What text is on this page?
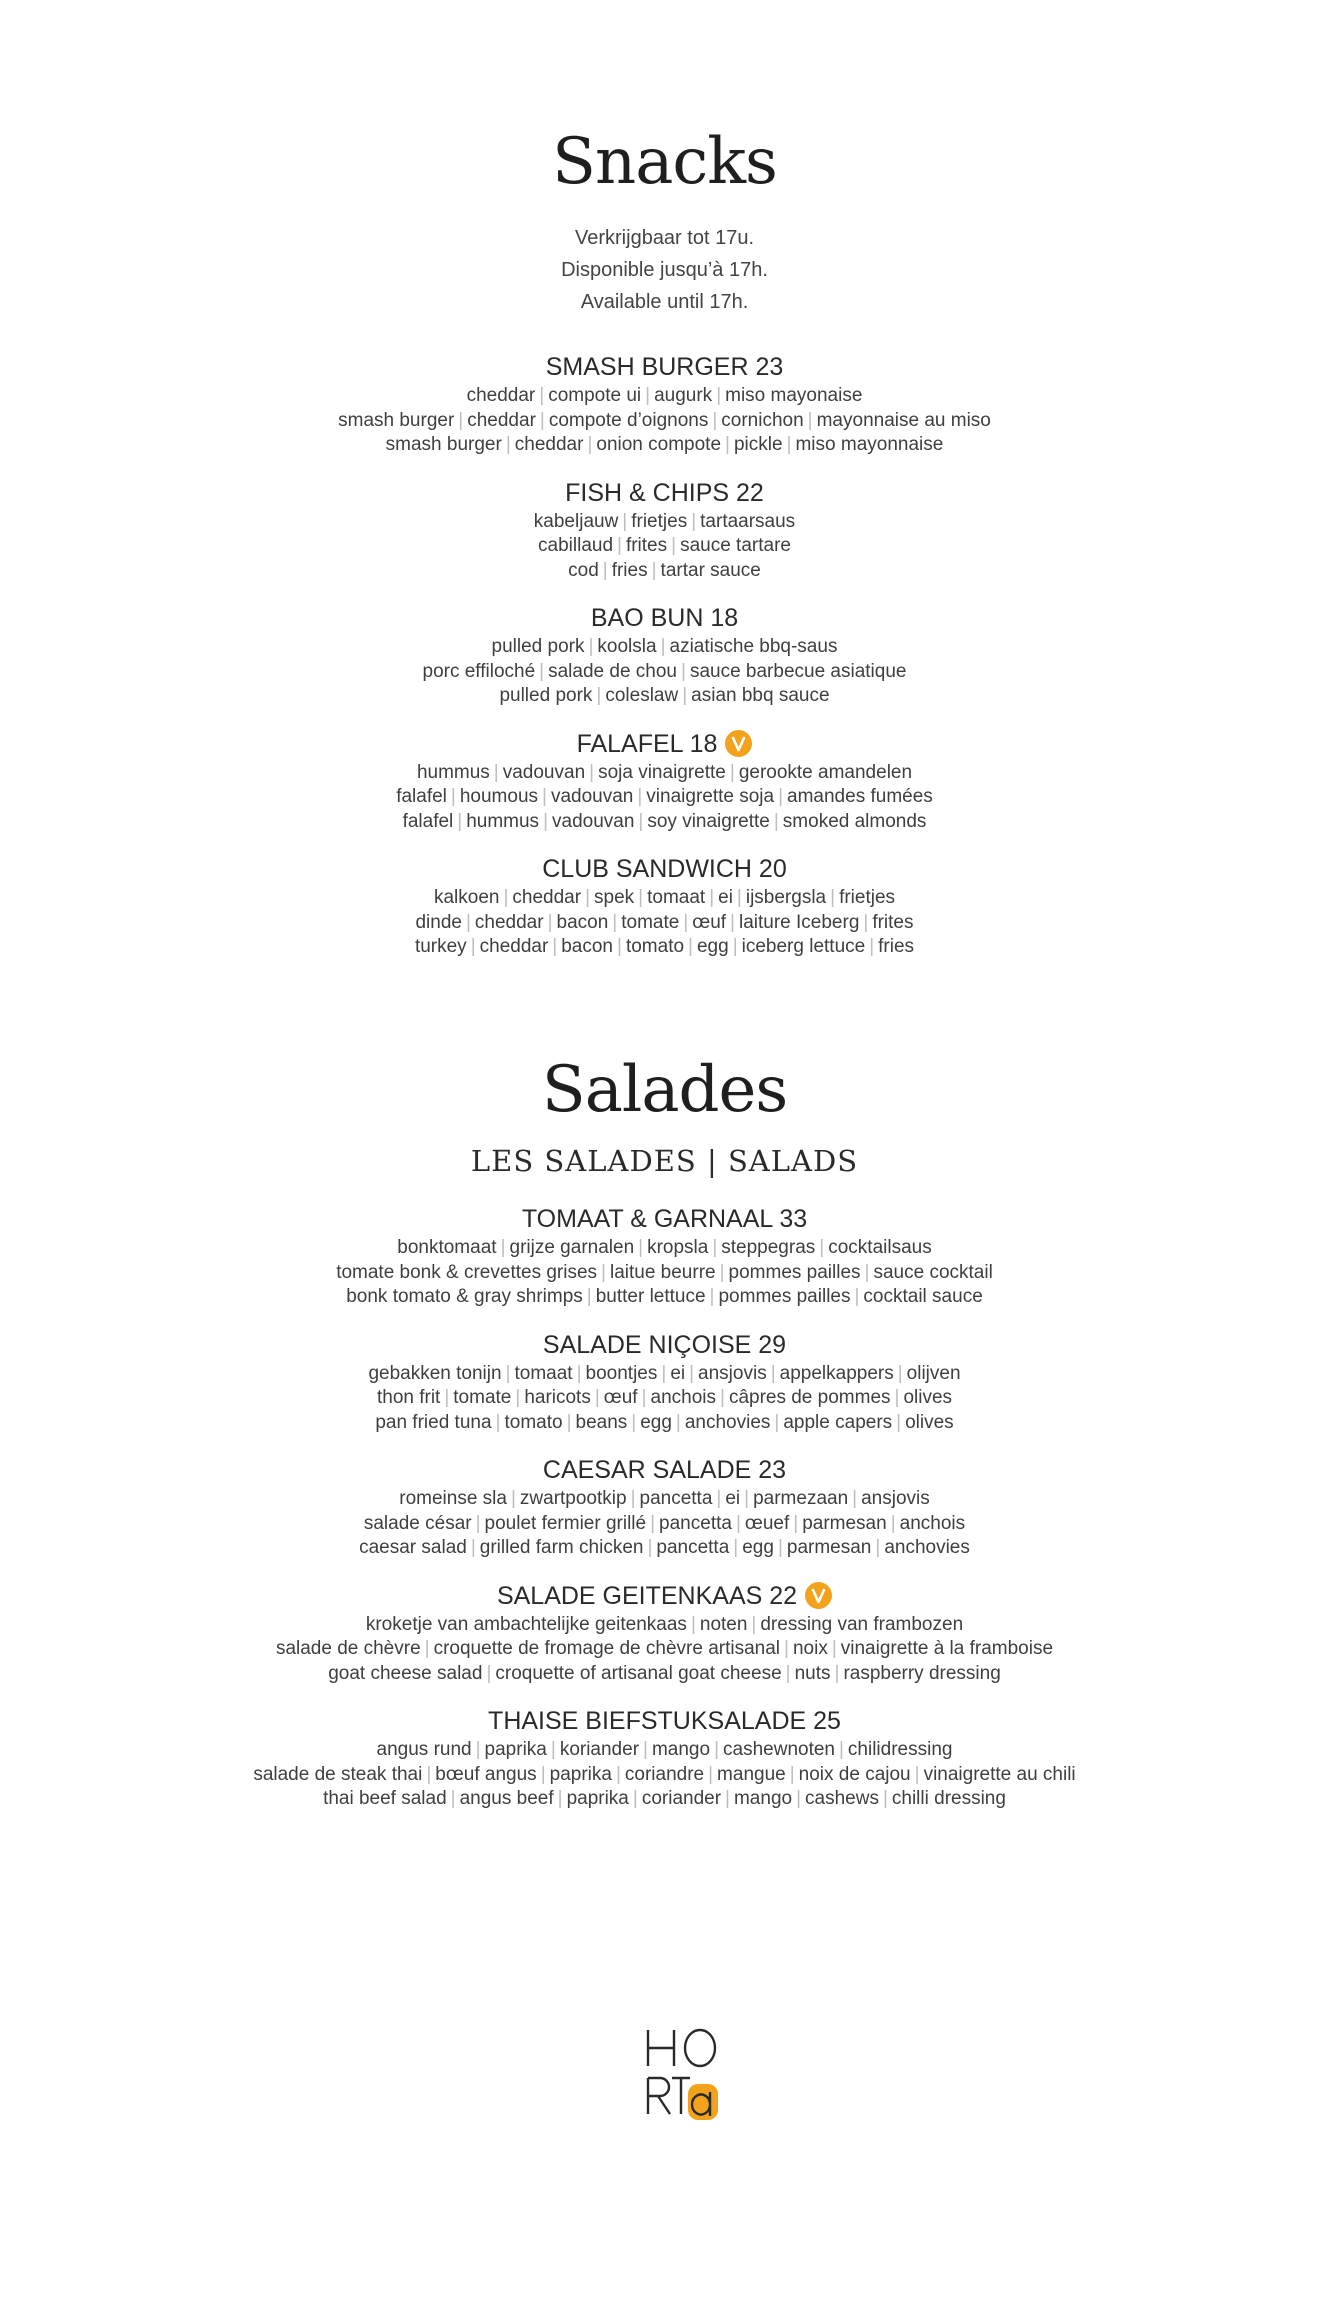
Snacks
Verkrijgbaar tot 17u.
Disponible jusqu’à 17h.
Available until 17h.
SMASH BURGER 23
cheddar | compote ui | augurk | miso mayonaise
smash burger | cheddar | compote d’oignons | cornichon | mayonnaise au miso
smash burger | cheddar | onion compote | pickle | miso mayonnaise
FISH & CHIPS 22
kabeljauw | frietjes | tartaarsaus
cabillaud | frites | sauce tartare
cod | fries | tartar sauce
BAO BUN 18
pulled pork | koolsla | aziatische bbq-saus
porc effiloché | salade de chou | sauce barbecue asiatique
pulled pork | coleslaw | asian bbq sauce
FALAFEL 18
hummus | vadouvan | soja vinaigrette | gerookte amandelen
falafel | houmous | vadouvan | vinaigrette soja | amandes fumées
falafel | hummus | vadouvan | soy vinaigrette | smoked almonds
CLUB SANDWICH 20
kalkoen | cheddar | spek | tomaat | ei | ijsbergsla | frietjes
dinde | cheddar | bacon | tomate | œuf | laiture Iceberg | frites
turkey | cheddar | bacon | tomato | egg | iceberg lettuce | fries
Salades
LES SALADES | SALADS
TOMAAT & GARNAAL 33
bonktomaat | grijze garnalen | kropsla | steppegras | cocktailsaus
tomate bonk & crevettes grises | laitue beurre | pommes pailles | sauce cocktail
bonk tomato & gray shrimps | butter lettuce | pommes pailles | cocktail sauce
SALADE NIÇOISE 29
gebakken tonijn | tomaat | boontjes | ei | ansjovis | appelkappers | olijven
thon frit | tomate | haricots | œuf | anchois | câpres de pommes | olives
pan fried tuna | tomato | beans | egg | anchovies | apple capers | olives
CAESAR SALADE 23
romeinse sla | zwartpootkip | pancetta | ei | parmezaan | ansjovis
salade césar | poulet fermier grillé | pancetta | œuef | parmesan | anchois
caesar salad | grilled farm chicken | pancetta | egg | parmesan | anchovies
SALADE GEITENKAAS 22
kroketje van ambachtelijke geitenkaas | noten | dressing van frambozen
salade de chèvre | croquette de fromage de chèvre artisanal | noix | vinaigrette à la framboise
goat cheese salad | croquette of artisanal goat cheese | nuts | raspberry dressing
THAISE BIEFSTUKSALADE 25
angus rund | paprika | koriander | mango | cashewnoten | chilidressing
salade de steak thai | bœuf angus | paprika | coriandre | mangue | noix de cajou | vinaigrette au chili
thai beef salad | angus beef | paprika | coriander | mango | cashews | chilli dressing
